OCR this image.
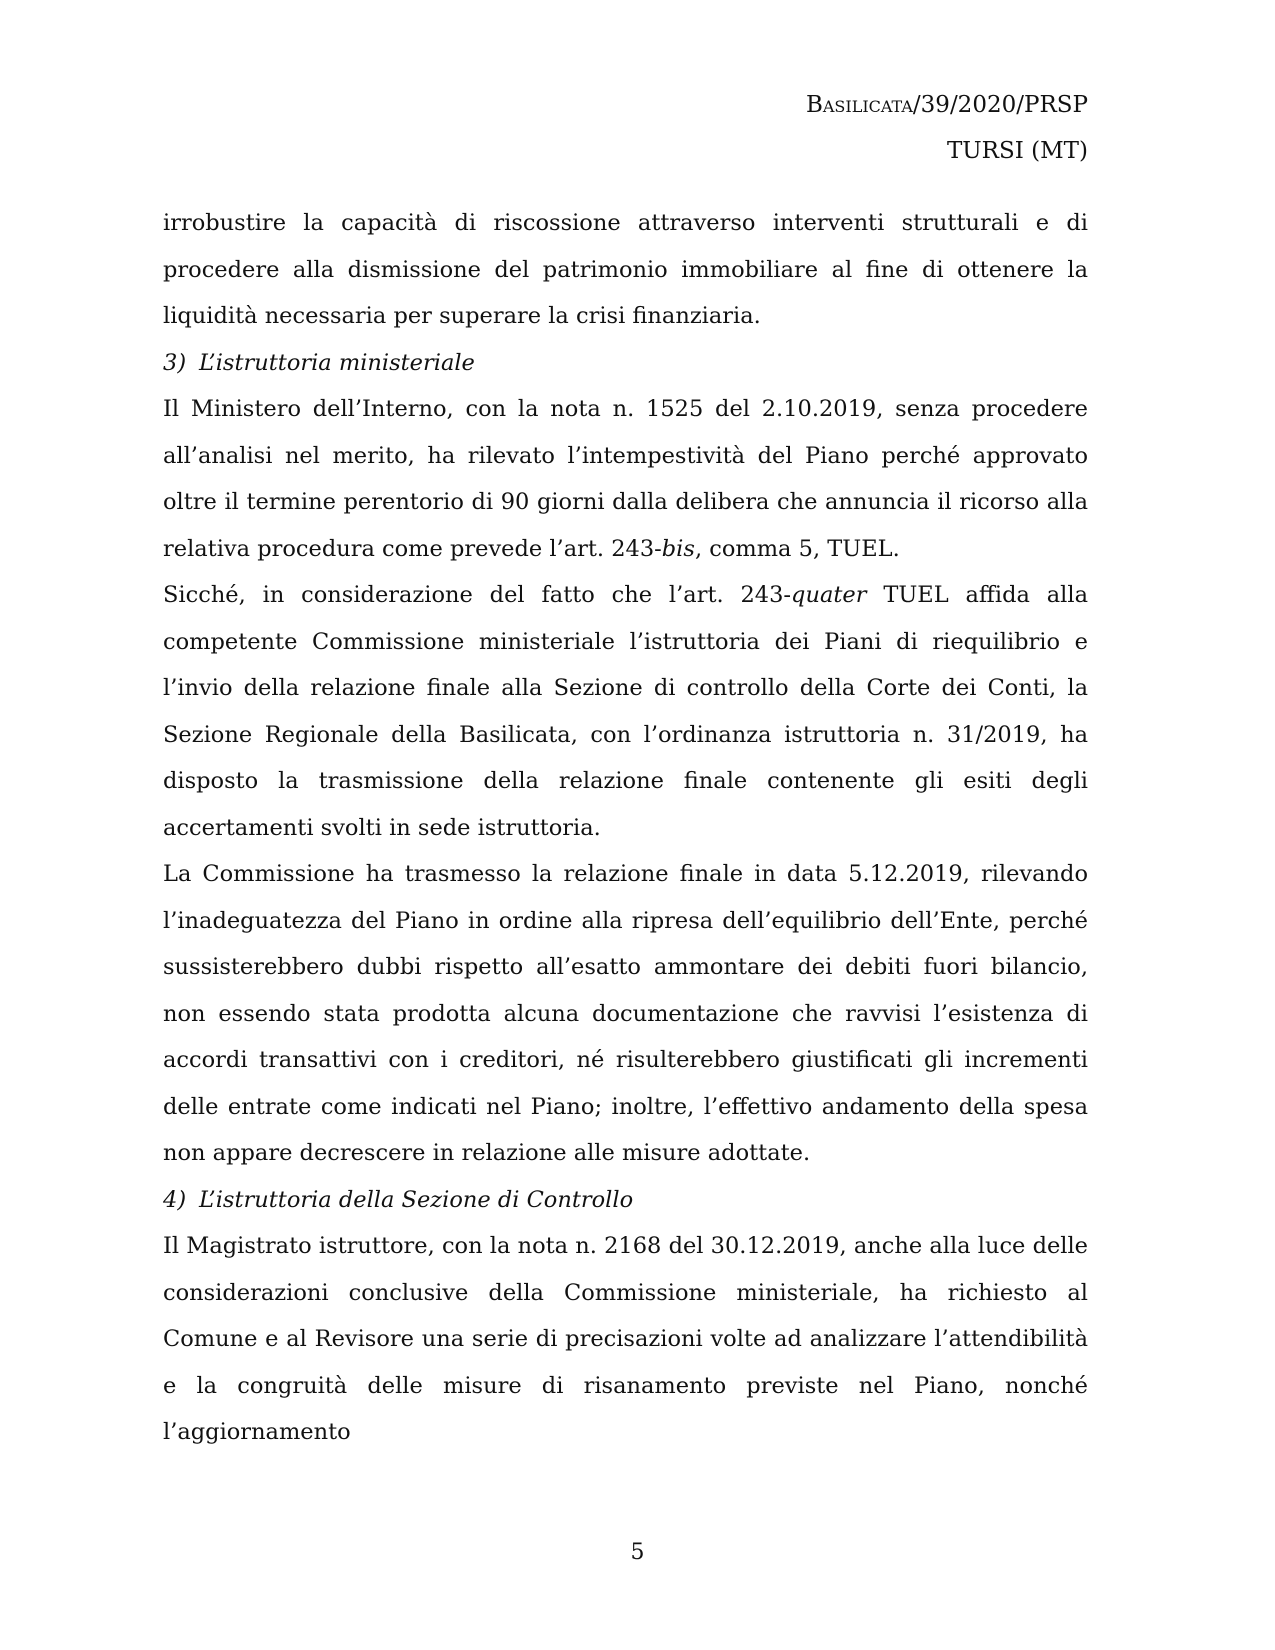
Basilicata/39/2020/PRSP
TURSI (MT)

irrobustire la capacità di riscossione attraverso interventi strutturali e di procedere alla dismissione del patrimonio immobiliare al fine di ottenere la liquidità necessaria per superare la crisi finanziaria.

3) L’istruttoria ministeriale

Il Ministero dell’Interno, con la nota n. 1525 del 2.10.2019, senza procedere all’analisi nel merito, ha rilevato l’intempestività del Piano perché approvato oltre il termine perentorio di 90 giorni dalla delibera che annuncia il ricorso alla relativa procedura come prevede l’art. 243-bis, comma 5, TUEL.

Sicché, in considerazione del fatto che l’art. 243-quater TUEL affida alla competente Commissione ministeriale l’istruttoria dei Piani di riequilibrio e l’invio della relazione finale alla Sezione di controllo della Corte dei Conti, la Sezione Regionale della Basilicata, con l’ordinanza istruttoria n. 31/2019, ha disposto la trasmissione della relazione finale contenente gli esiti degli accertamenti svolti in sede istruttoria.

La Commissione ha trasmesso la relazione finale in data 5.12.2019, rilevando l’inadeguatezza del Piano in ordine alla ripresa dell’equilibrio dell’Ente, perché sussisterebbero dubbi rispetto all’esatto ammontare dei debiti fuori bilancio, non essendo stata prodotta alcuna documentazione che ravvisi l’esistenza di accordi transattivi con i creditori, né risulterebbero giustificati gli incrementi delle entrate come indicati nel Piano; inoltre, l’effettivo andamento della spesa non appare decrescere in relazione alle misure adottate.

4) L’istruttoria della Sezione di Controllo

Il Magistrato istruttore, con la nota n. 2168 del 30.12.2019, anche alla luce delle considerazioni conclusive della Commissione ministeriale, ha richiesto al Comune e al Revisore una serie di precisazioni volte ad analizzare l’attendibilità e la congruità delle misure di risanamento previste nel Piano, nonché l’aggiornamento

5
